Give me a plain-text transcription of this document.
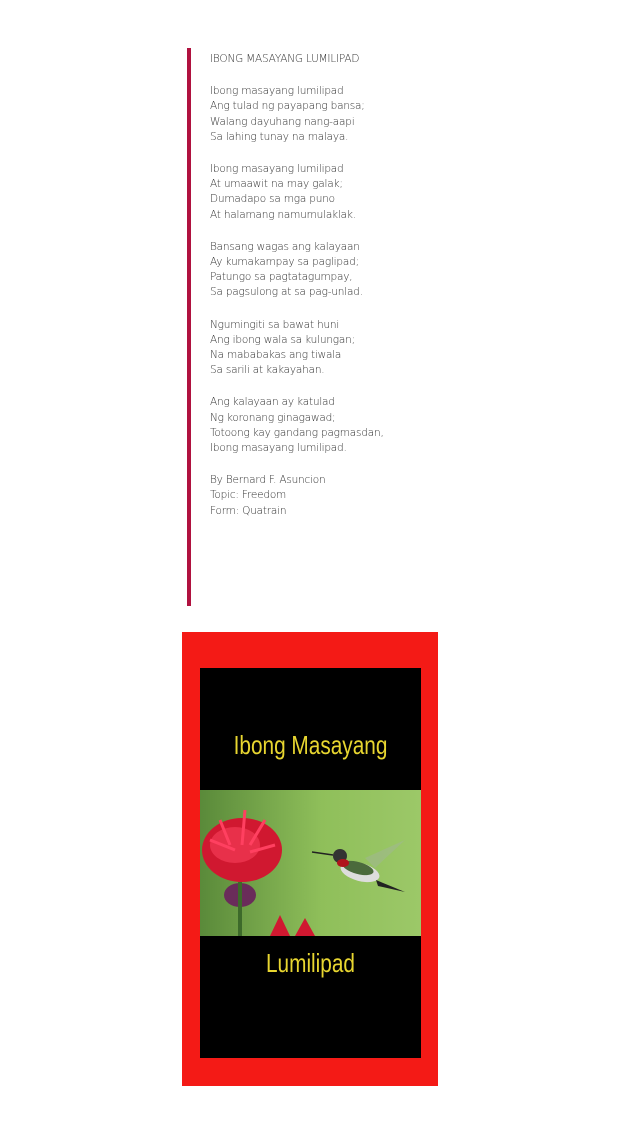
IBONG MASAYANG LUMILIPAD
Ibong masayang lumilipad
Ang tulad ng payapang bansa;
Walang dayuhang nang-aapi
Sa lahing tunay na malaya.
Ibong masayang lumilipad
At umaawit na may galak;
Dumadapo sa mga puno
At halamang namumulaklak.
Bansang wagas ang kalayaan
Ay kumakampay sa paglipad;
Patungo sa pagtatagumpay,
Sa pagsulong at sa pag-unlad.
Ngumingiti sa bawat huni
Ang ibong wala sa kulungan;
Na mababakas ang tiwala
Sa sarili at kakayahan.
Ang kalayaan ay katulad
Ng koronang ginagawad;
Totoong kay gandang pagmasdan,
Ibong masayang lumilipad.
By Bernard F. Asuncion
Topic: Freedom
Form: Quatrain
Ibong Masayang
Lumilipad
